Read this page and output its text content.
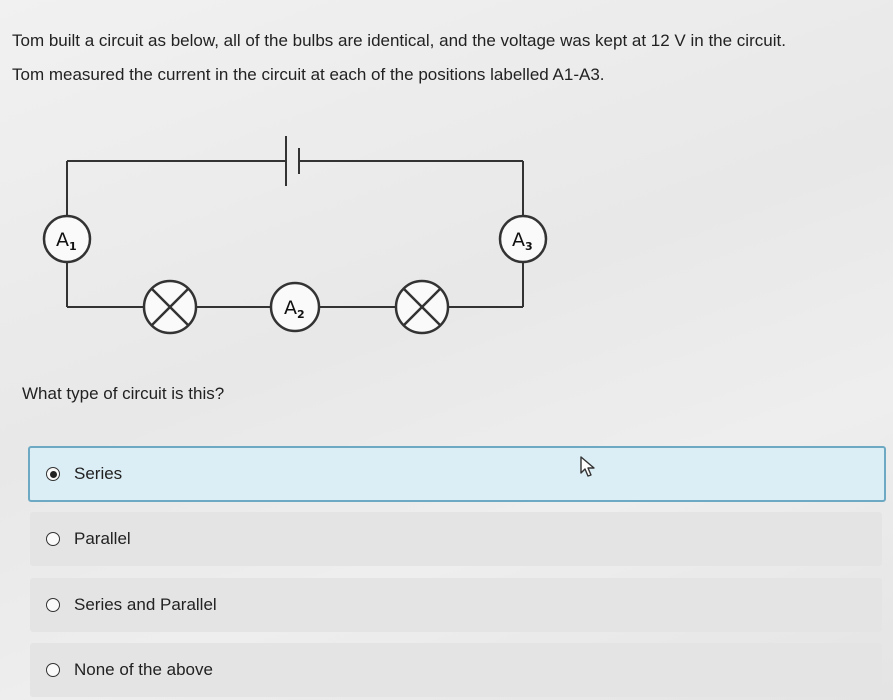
Tom built a circuit as below, all of the bulbs are identical, and the voltage was kept at 12 V in the circuit.

Tom measured the current in the circuit at each of the positions labelled A1-A3.

$A_1$
$A_2$
$A_3$
What type of circuit is this?
Series
Parallel
Series and Parallel
None of the above
